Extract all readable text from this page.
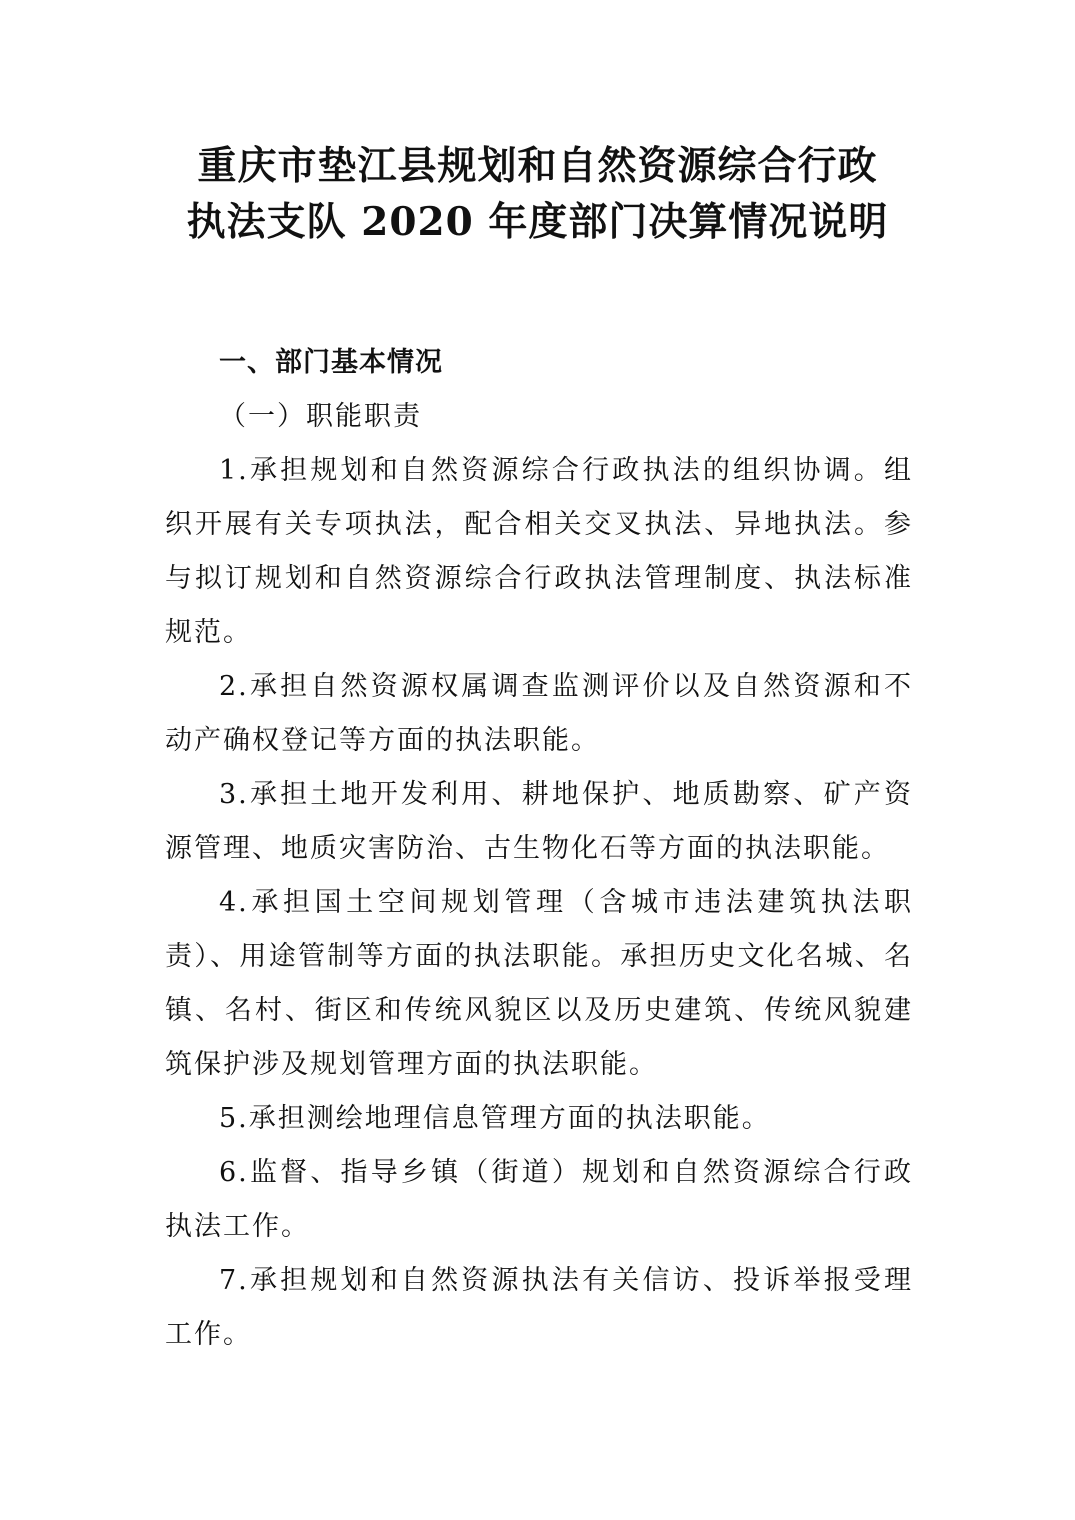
重庆市垫江县规划和自然资源综合行政
执法支队 2020 年度部门决算情况说明

一、部门基本情况

（一）职能职责

1.承担规划和自然资源综合行政执法的组织协调。组织开展有关专项执法，配合相关交叉执法、异地执法。参与拟订规划和自然资源综合行政执法管理制度、执法标准规范。

2.承担自然资源权属调查监测评价以及自然资源和不动产确权登记等方面的执法职能。

3.承担土地开发利用、耕地保护、地质勘察、矿产资源管理、地质灾害防治、古生物化石等方面的执法职能。

4.承担国土空间规划管理（含城市违法建筑执法职责）、用途管制等方面的执法职能。承担历史文化名城、名镇、名村、街区和传统风貌区以及历史建筑、传统风貌建筑保护涉及规划管理方面的执法职能。

5.承担测绘地理信息管理方面的执法职能。

6.监督、指导乡镇（街道）规划和自然资源综合行政执法工作。

7.承担规划和自然资源执法有关信访、投诉举报受理工作。
